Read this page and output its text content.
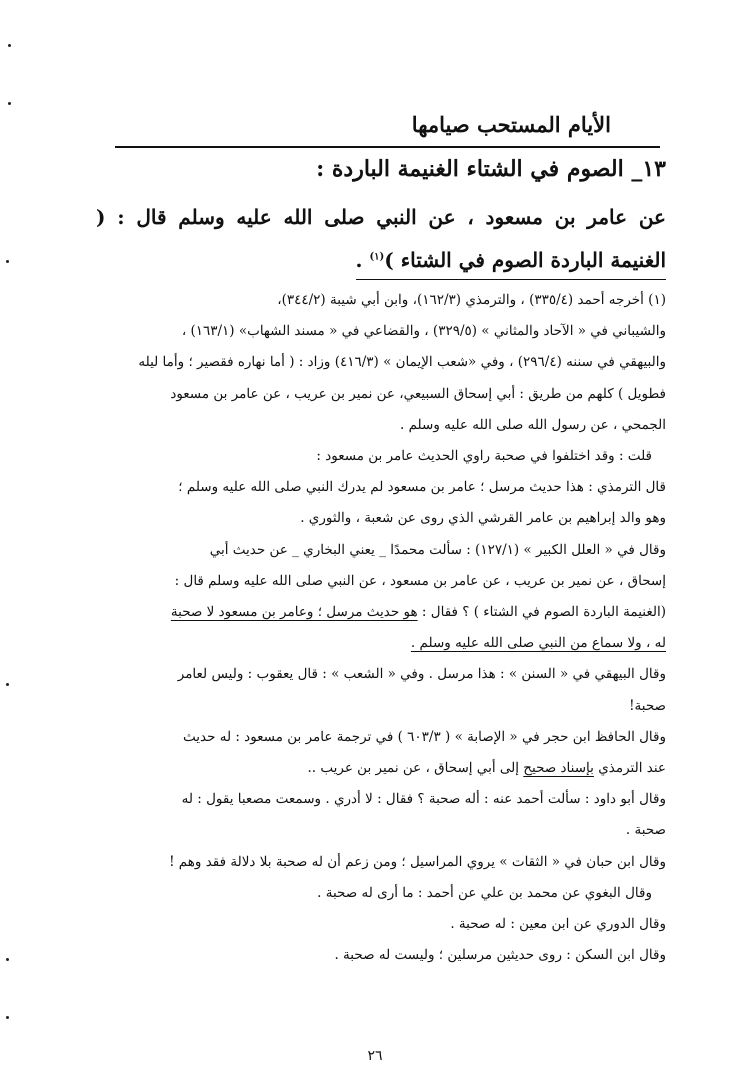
الأيام المستحب صيامها
١٣_ الصوم في الشتاء الغنيمة الباردة :
عن عامر بن مسعود ، عن النبي صلى الله عليه وسلم قال : ( الغنيمة الباردة الصوم في الشتاء )$^{(١)}$ .

(١) أخرجه أحمد (٣٣٥/٤) ، والترمذي (١٦٢/٣)، وابن أبي شيبة (٣٤٤/٢)،

والشيباني في « الآحاد والمثاني » (٣٢٩/٥) ، والقضاعي في « مسند الشهاب» (١٦٣/١) ،

والبيهقي في سننه (٢٩٦/٤) ، وفي «شعب الإيمان » (٤١٦/٣) وزاد : ( أما نهاره فقصير ؛ وأما ليله

فطويل ) كلهم من طريق : أبي إسحاق السبيعي، عن نمير بن عريب ، عن عامر بن مسعود

الجمحي ، عن رسول الله صلى الله عليه وسلم .

قلت : وقد اختلفوا في صحبة راوي الحديث عامر بن مسعود :

قال الترمذي : هذا حديث مرسل ؛ عامر بن مسعود لم يدرك النبي صلى الله عليه وسلم ؛

وهو والد إبراهيم بن عامر القرشي الذي روى عن شعبة ، والثوري .

وقال في « العلل الكبير » (١٢٧/١) : سألت محمدًا _ يعني البخاري _ عن حديث أبي

إسحاق ، عن نمير بن عريب ، عن عامر بن مسعود ، عن النبي صلى الله عليه وسلم قال :

(الغنيمة الباردة الصوم في الشتاء ) ؟ فقال : هو حديث مرسل ؛ وعامر بن مسعود لا صحبة

له ، ولا سماع من النبي صلى الله عليه وسلم .

وقال البيهقي في « السنن » : هذا مرسل . وفي « الشعب » : قال يعقوب : وليس لعامر

صحبة!

وقال الحافظ ابن حجر في « الإصابة » ( ٦٠٣/٣ ) في ترجمة عامر بن مسعود : له حديث

عند الترمذي بإسناد صحيح إلى أبي إسحاق ، عن نمير بن عريب ..

وقال أبو داود : سألت أحمد عنه : أله صحبة ؟ فقال : لا أدري . وسمعت مصعبا يقول : له

صحبة .

وقال ابن حبان في « الثقات » يروي المراسيل ؛ ومن زعم أن له صحبة بلا دلالة فقد وهم !

وقال البغوي عن محمد بن علي عن أحمد : ما أرى له صحبة .

وقال الدوري عن ابن معين : له صحبة .

وقال ابن السكن : روى حديثين مرسلين ؛ وليست له صحبة .

٢٦
